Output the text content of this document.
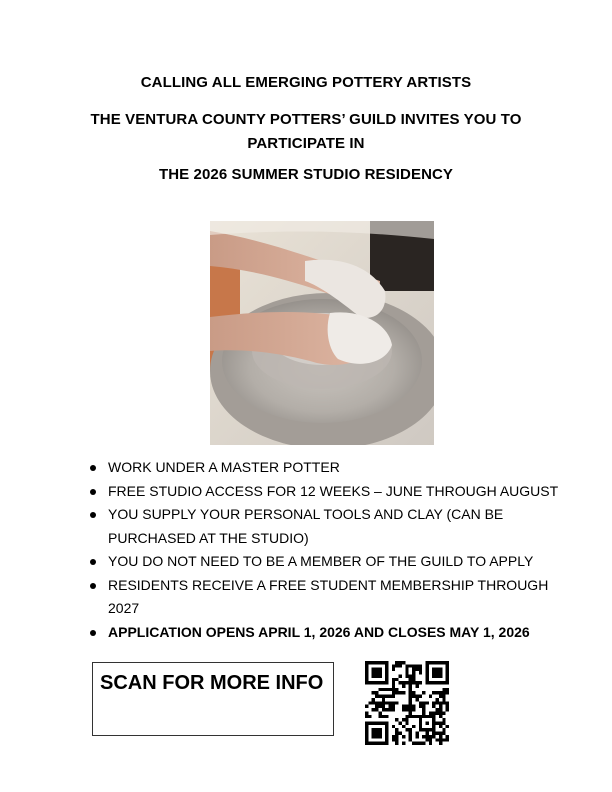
CALLING ALL EMERGING POTTERY ARTISTS
THE VENTURA COUNTY POTTERS’ GUILD INVITES YOU TO PARTICIPATE IN
THE 2026 SUMMER STUDIO RESIDENCY
WORK UNDER A MASTER POTTER
FREE STUDIO ACCESS FOR 12 WEEKS – JUNE THROUGH AUGUST
YOU SUPPLY YOUR PERSONAL TOOLS AND CLAY (CAN BE PURCHASED AT THE STUDIO)
YOU DO NOT NEED TO BE A MEMBER OF THE GUILD TO APPLY
RESIDENTS RECEIVE A FREE STUDENT MEMBERSHIP THROUGH 2027
APPLICATION OPENS APRIL 1, 2026 AND CLOSES MAY 1, 2026
SCAN FOR MORE INFO
